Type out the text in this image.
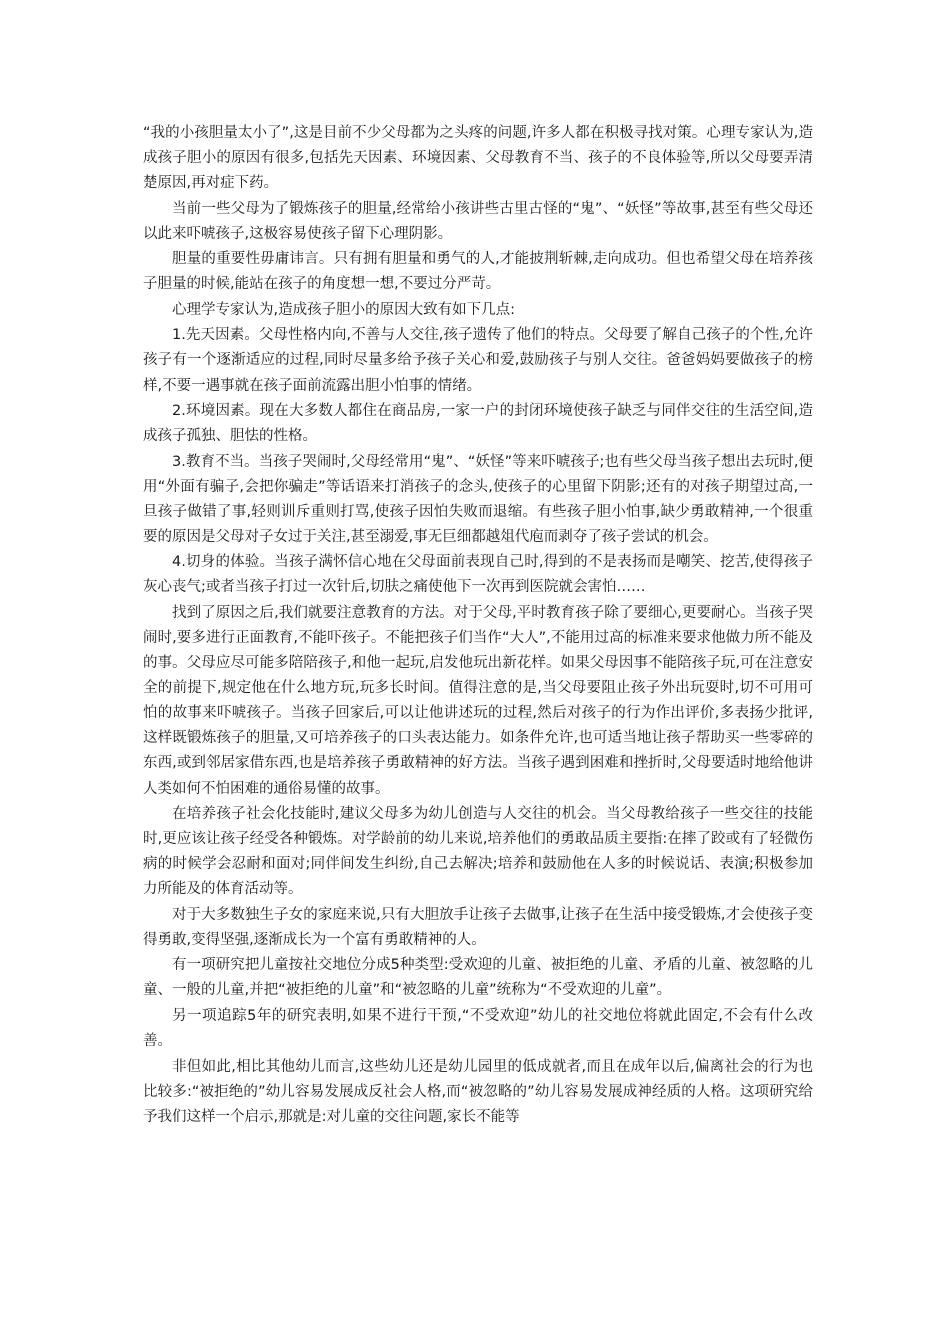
“我的小孩胆量太小了”,这是目前不少父母都为之头疼的问题,许多人都在积极寻找对策。心理专家认为,造成孩子胆小的原因有很多,包括先天因素、环境因素、父母教育不当、孩子的不良体验等,所以父母要弄清楚原因,再对症下药。

当前一些父母为了锻炼孩子的胆量,经常给小孩讲些古里古怪的“鬼”、“妖怪”等故事,甚至有些父母还以此来吓唬孩子,这极容易使孩子留下心理阴影。

胆量的重要性毋庸讳言。只有拥有胆量和勇气的人,才能披荆斩棘,走向成功。但也希望父母在培养孩子胆量的时候,能站在孩子的角度想一想,不要过分严苛。

心理学专家认为,造成孩子胆小的原因大致有如下几点:

1.先天因素。父母性格内向,不善与人交往,孩子遗传了他们的特点。父母要了解自己孩子的个性,允许孩子有一个逐渐适应的过程,同时尽量多给予孩子关心和爱,鼓励孩子与别人交往。爸爸妈妈要做孩子的榜样,不要一遇事就在孩子面前流露出胆小怕事的情绪。

2.环境因素。现在大多数人都住在商品房,一家一户的封闭环境使孩子缺乏与同伴交往的生活空间,造成孩子孤独、胆怯的性格。

3.教育不当。当孩子哭闹时,父母经常用“鬼”、“妖怪”等来吓唬孩子;也有些父母当孩子想出去玩时,便用“外面有骗子,会把你骗走”等话语来打消孩子的念头,使孩子的心里留下阴影;还有的对孩子期望过高,一旦孩子做错了事,轻则训斥重则打骂,使孩子因怕失败而退缩。有些孩子胆小怕事,缺少勇敢精神,一个很重要的原因是父母对子女过于关注,甚至溺爱,事无巨细都越俎代庖而剥夺了孩子尝试的机会。

4.切身的体验。当孩子满怀信心地在父母面前表现自己时,得到的不是表扬而是嘲笑、挖苦,使得孩子灰心丧气;或者当孩子打过一次针后,切肤之痛使他下一次再到医院就会害怕……

找到了原因之后,我们就要注意教育的方法。对于父母,平时教育孩子除了要细心,更要耐心。当孩子哭闹时,要多进行正面教育,不能吓孩子。不能把孩子们当作“大人”,不能用过高的标准来要求他做力所不能及的事。父母应尽可能多陪陪孩子,和他一起玩,启发他玩出新花样。如果父母因事不能陪孩子玩,可在注意安全的前提下,规定他在什么地方玩,玩多长时间。值得注意的是,当父母要阻止孩子外出玩耍时,切不可用可怕的故事来吓唬孩子。当孩子回家后,可以让他讲述玩的过程,然后对孩子的行为作出评价,多表扬少批评,这样既锻炼孩子的胆量,又可培养孩子的口头表达能力。如条件允许,也可适当地让孩子帮助买一些零碎的东西,或到邻居家借东西,也是培养孩子勇敢精神的好方法。当孩子遇到困难和挫折时,父母要适时地给他讲人类如何不怕困难的通俗易懂的故事。

在培养孩子社会化技能时,建议父母多为幼儿创造与人交往的机会。当父母教给孩子一些交往的技能时,更应该让孩子经受各种锻炼。对学龄前的幼儿来说,培养他们的勇敢品质主要指:在摔了跤或有了轻微伤病的时候学会忍耐和面对;同伴间发生纠纷,自己去解决;培养和鼓励他在人多的时候说话、表演;积极参加力所能及的体育活动等。

对于大多数独生子女的家庭来说,只有大胆放手让孩子去做事,让孩子在生活中接受锻炼,才会使孩子变得勇敢,变得坚强,逐渐成长为一个富有勇敢精神的人。

有一项研究把儿童按社交地位分成5种类型:受欢迎的儿童、被拒绝的儿童、矛盾的儿童、被忽略的儿童、一般的儿童,并把“被拒绝的儿童”和“被忽略的儿童”统称为“不受欢迎的儿童”。

另一项追踪5年的研究表明,如果不进行干预,“不受欢迎”幼儿的社交地位将就此固定,不会有什么改善。

非但如此,相比其他幼儿而言,这些幼儿还是幼儿园里的低成就者,而且在成年以后,偏离社会的行为也比较多:“被拒绝的”幼儿容易发展成反社会人格,而“被忽略的”幼儿容易发展成神经质的人格。这项研究给予我们这样一个启示,那就是:对儿童的交往问题,家长不能等
